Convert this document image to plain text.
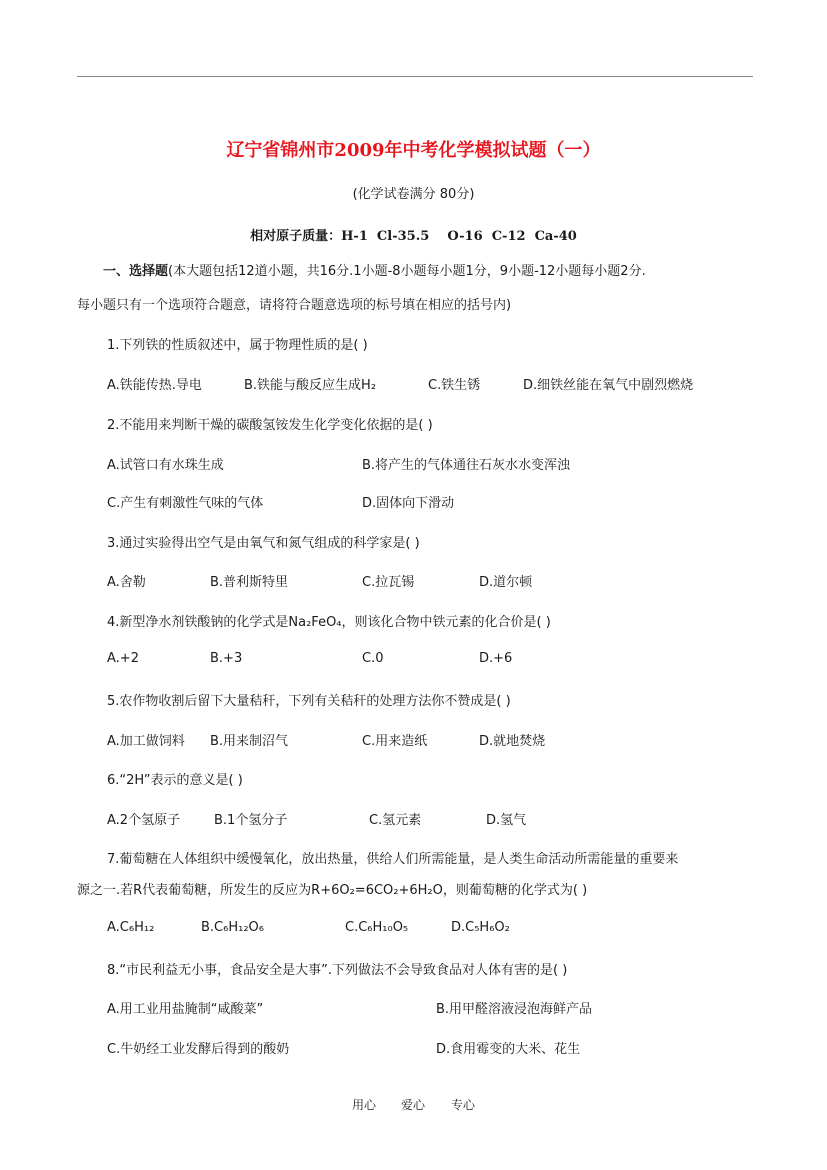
辽宁省锦州市2009年中考化学模拟试题（一）
(化学试卷满分 80分)
相对原子质量：H-1  Cl-35.5    O-16  C-12  Ca-40
一、选择题(本大题包括12道小题，共16分.1小题-8小题每小题1分，9小题-12小题每小题2分.
每小题只有一个选项符合题意，请将符合题意选项的标号填在相应的括号内)
1.下列铁的性质叙述中，属于物理性质的是( )
A.铁能传热.导电	B.铁能与酸反应生成H₂	C.铁生锈	D.细铁丝能在氧气中剧烈燃烧
2.不能用来判断干燥的碳酸氢铵发生化学变化依据的是( )
A.试管口有水珠生成	B.将产生的气体通往石灰水水变浑浊
C.产生有刺激性气味的气体	D.固体向下滑动
3.通过实验得出空气是由氧气和氮气组成的科学家是( )
A.舍勒	B.普利斯特里	C.拉瓦锡	D.道尔顿
4.新型净水剂铁酸钠的化学式是Na₂FeO₄，则该化合物中铁元素的化合价是( )
A.+2	B.+3	C.0	D.+6
5.农作物收割后留下大量秸秆，下列有关秸秆的处理方法你不赞成是( )
A.加工做饲料 B.用来制沼气	C.用来造纸	D.就地焚烧
6.“2H”表示的意义是( )
A.2个氢原子	B.1个氢分子	C.氢元素	D.氢气
7.葡萄糖在人体组织中缓慢氧化，放出热量，供给人们所需能量，是人类生命活动所需能量的重要来
源之一.若R代表葡萄糖，所发生的反应为R+6O₂=6CO₂+6H₂O，则葡萄糖的化学式为( )
A.C₆H₁₂	B.C₆H₁₂O₆	C.C₆H₁₀O₅	D.C₅H₆O₂
8.“市民利益无小事，食品安全是大事”.下列做法不会导致食品对人体有害的是( )
A.用工业用盐腌制“咸酸菜”	B.用甲醛溶液浸泡海鲜产品
C.牛奶经工业发酵后得到的酸奶	D.食用霉变的大米、花生
用心 爱心 专心
